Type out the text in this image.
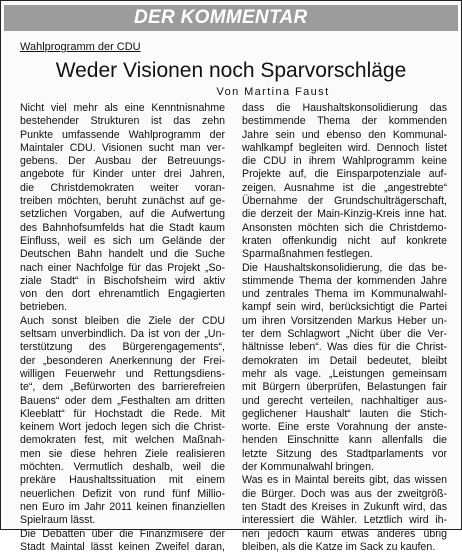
DER KOMMENTAR
Wahlprogramm der CDU
Weder Visionen noch Sparvorschläge
Von Martina Faust
Nicht viel mehr als eine Kenntnisnahme
bestehender Strukturen ist das zehn
Punkte umfassende Wahlprogramm der
Maintaler CDU. Visionen sucht man ver-
gebens. Der Ausbau der Betreuungs-
angebote für Kinder unter drei Jahren,
die Christdemokraten weiter voran-
treiben möchten, beruht zunächst auf ge-
setzlichen Vorgaben, auf die Aufwertung
des Bahnhofsumfelds hat die Stadt kaum
Einfluss, weil es sich um Gelände der
Deutschen Bahn handelt und die Suche
nach einer Nachfolge für das Projekt „So-
ziale Stadt“ in Bischofsheim wird aktiv
von den dort ehrenamtlich Engagierten
betrieben.
Auch sonst bleiben die Ziele der CDU
seltsam unverbindlich. Da ist von der „Un-
terstützung des Bürgerengagements“,
der „besonderen Anerkennung der Frei-
willigen Feuerwehr und Rettungsdiens-
te“, dem „Befürworten des barrierefreien
Bauens“ oder dem „Festhalten am dritten
Kleeblatt“ für Hochstadt die Rede. Mit
keinem Wort jedoch legen sich die Christ-
demokraten fest, mit welchen Maßnah-
men sie diese hehren Ziele realisieren
möchten. Vermutlich deshalb, weil die
prekäre Haushaltssituation mit einem
neuerlichen Defizit von rund fünf Millio-
nen Euro im Jahr 2011 keinen finanziellen
Spielraum lässt.
Die Debatten über die Finanzmisere der
Stadt Maintal lässt keinen Zweifel daran,
dass die Haushaltskonsolidierung das
bestimmende Thema der kommenden
Jahre sein und ebenso den Kommunal-
wahlkampf begleiten wird. Dennoch listet
die CDU in ihrem Wahlprogramm keine
Projekte auf, die Einsparpotenziale auf-
zeigen. Ausnahme ist die „angestrebte“
Übernahme der Grundschulträgerschaft,
die derzeit der Main-Kinzig-Kreis inne hat.
Ansonsten möchten sich die Christdemo-
kraten offenkundig nicht auf konkrete
Sparmaßnahmen festlegen.
Die Haushaltskonsolidierung, die das be-
stimmende Thema der kommenden Jahre
und zentrales Thema im Kommunalwahl-
kampf sein wird, berücksichtigt die Partei
um ihren Vorsitzenden Markus Heber un-
ter dem Schlagwort „Nicht über die Ver-
hältnisse leben“. Was dies für die Christ-
demokraten im Detail bedeutet, bleibt
mehr als vage. „Leistungen gemeinsam
mit Bürgern überprüfen, Belastungen fair
und gerecht verteilen, nachhaltiger aus-
geglichener Haushalt“ lauten die Stich-
worte. Eine erste Vorahnung der anste-
henden Einschnitte kann allenfalls die
letzte Sitzung des Stadtparlaments vor
der Kommunalwahl bringen.
Was es in Maintal bereits gibt, das wissen
die Bürger. Doch was aus der zweitgröß-
ten Stadt des Kreises in Zukunft wird, das
interessiert die Wähler. Letztlich wird ih-
nen jedoch kaum etwas anderes übrig
bleiben, als die Katze im Sack zu kaufen.
